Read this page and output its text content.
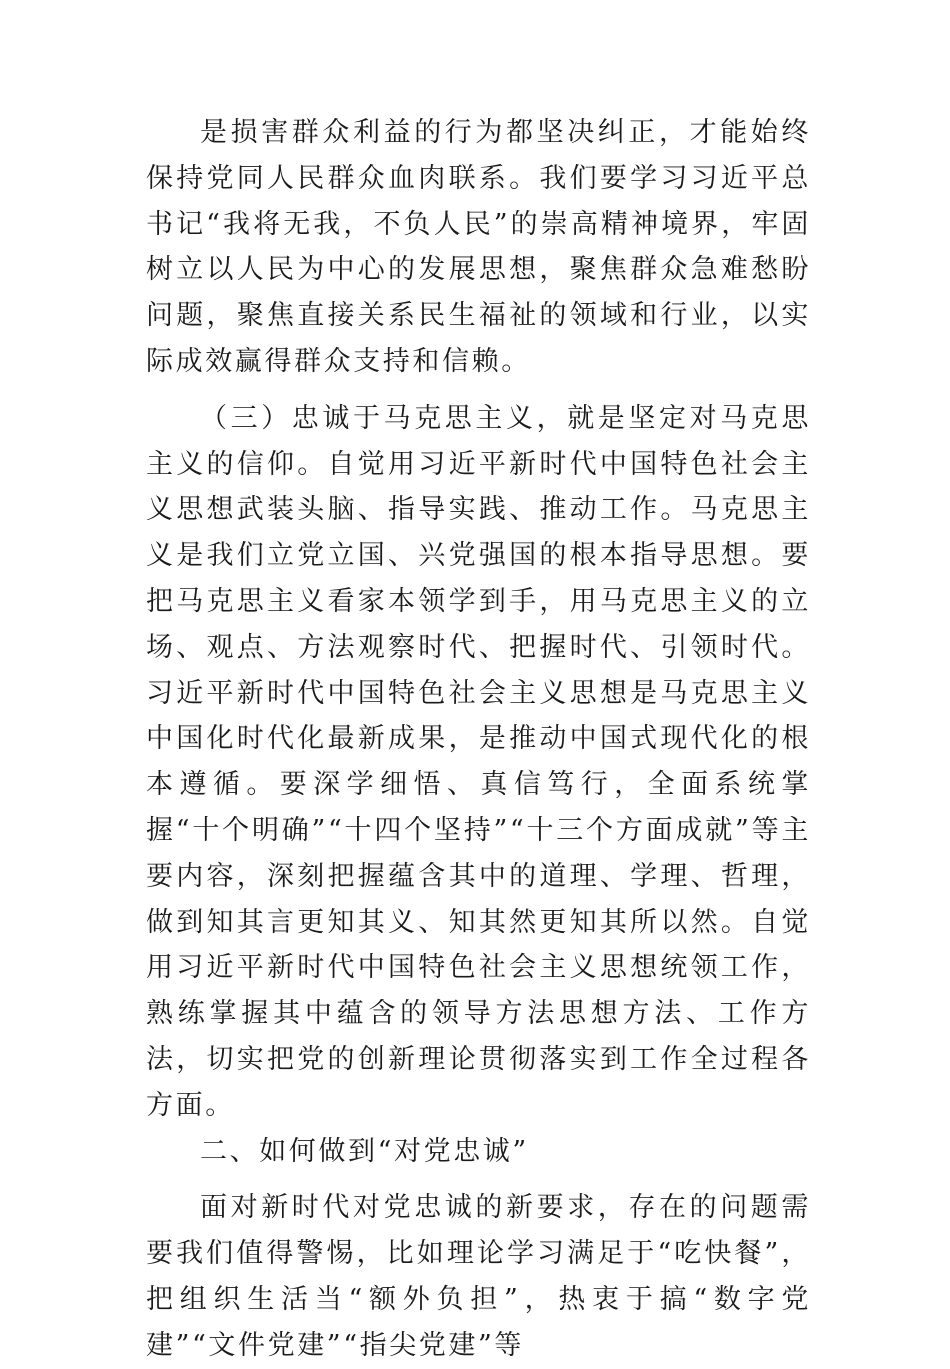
是损害群众利益的行为都坚决纠正，才能始终保持党同人民群众血肉联系。我们要学习习近平总书记“我将无我，不负人民”的崇高精神境界，牢固树立以人民为中心的发展思想，聚焦群众急难愁盼问题，聚焦直接关系民生福祉的领域和行业，以实际成效赢得群众支持和信赖。

（三）忠诚于马克思主义，就是坚定对马克思主义的信仰。自觉用习近平新时代中国特色社会主义思想武装头脑、指导实践、推动工作。马克思主义是我们立党立国、兴党强国的根本指导思想。要把马克思主义看家本领学到手，用马克思主义的立场、观点、方法观察时代、把握时代、引领时代。习近平新时代中国特色社会主义思想是马克思主义中国化时代化最新成果，是推动中国式现代化的根本遵循。要深学细悟、真信笃行，全面系统掌握“十个明确”“十四个坚持”“十三个方面成就”等主要内容，深刻把握蕴含其中的道理、学理、哲理，做到知其言更知其义、知其然更知其所以然。自觉用习近平新时代中国特色社会主义思想统领工作，熟练掌握其中蕴含的领导方法思想方法、工作方法，切实把党的创新理论贯彻落实到工作全过程各方面。

二、如何做到“对党忠诚”

面对新时代对党忠诚的新要求，存在的问题需要我们值得警惕，比如理论学习满足于“吃快餐”，把组织生活当“额外负担”，热衷于搞“数字党建”“文件党建”“指尖党建”等
